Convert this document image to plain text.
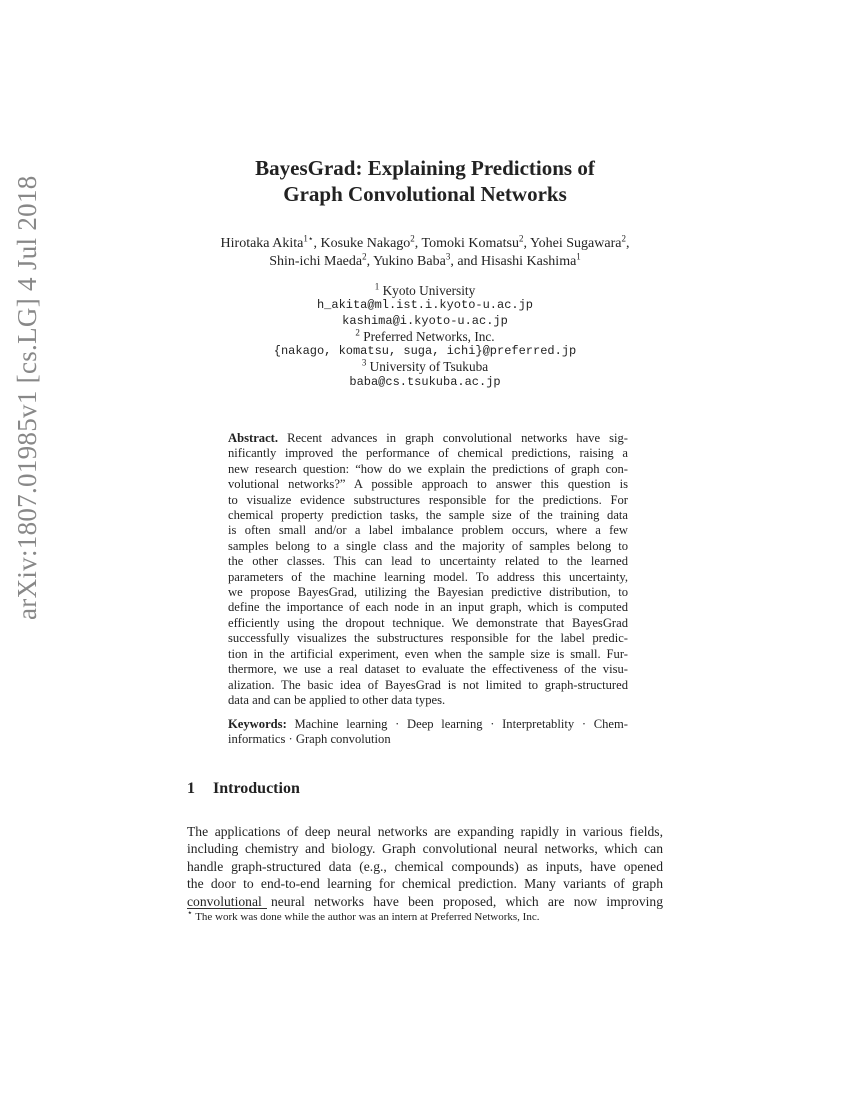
arXiv:1807.01985v1 [cs.LG] 4 Jul 2018
BayesGrad: Explaining Predictions of
Graph Convolutional Networks
Hirotaka Akita$^{1⋆}$, Kosuke Nakago$^2$, Tomoki Komatsu$^2$, Yohei Sugawara$^2$,
Shin-ichi Maeda$^2$, Yukino Baba$^3$, and Hisashi Kashima$^1$
$^1$ Kyoto University
h_akita@ml.ist.i.kyoto-u.ac.jp
kashima@i.kyoto-u.ac.jp
$^2$ Preferred Networks, Inc.
{nakago, komatsu, suga, ichi}@preferred.jp
$^3$ University of Tsukuba
baba@cs.tsukuba.ac.jp
Abstract. Recent advances in graph convolutional networks have sig-
nificantly improved the performance of chemical predictions, raising a
new research question: “how do we explain the predictions of graph con-
volutional networks?” A possible approach to answer this question is
to visualize evidence substructures responsible for the predictions. For
chemical property prediction tasks, the sample size of the training data
is often small and/or a label imbalance problem occurs, where a few
samples belong to a single class and the majority of samples belong to
the other classes. This can lead to uncertainty related to the learned
parameters of the machine learning model. To address this uncertainty,
we propose BayesGrad, utilizing the Bayesian predictive distribution, to
define the importance of each node in an input graph, which is computed
efficiently using the dropout technique. We demonstrate that BayesGrad
successfully visualizes the substructures responsible for the label predic-
tion in the artificial experiment, even when the sample size is small. Fur-
thermore, we use a real dataset to evaluate the effectiveness of the visu-
alization. The basic idea of BayesGrad is not limited to graph-structured
data and can be applied to other data types.
Keywords: Machine learning · Deep learning · Interpretablity · Chem-
informatics · Graph convolution
1 Introduction
The applications of deep neural networks are expanding rapidly in various fields,
including chemistry and biology. Graph convolutional neural networks, which can
handle graph-structured data (e.g., chemical compounds) as inputs, have opened
the door to end-to-end learning for chemical prediction. Many variants of graph
convolutional neural networks have been proposed, which are now improving
⋆ The work was done while the author was an intern at Preferred Networks, Inc.
